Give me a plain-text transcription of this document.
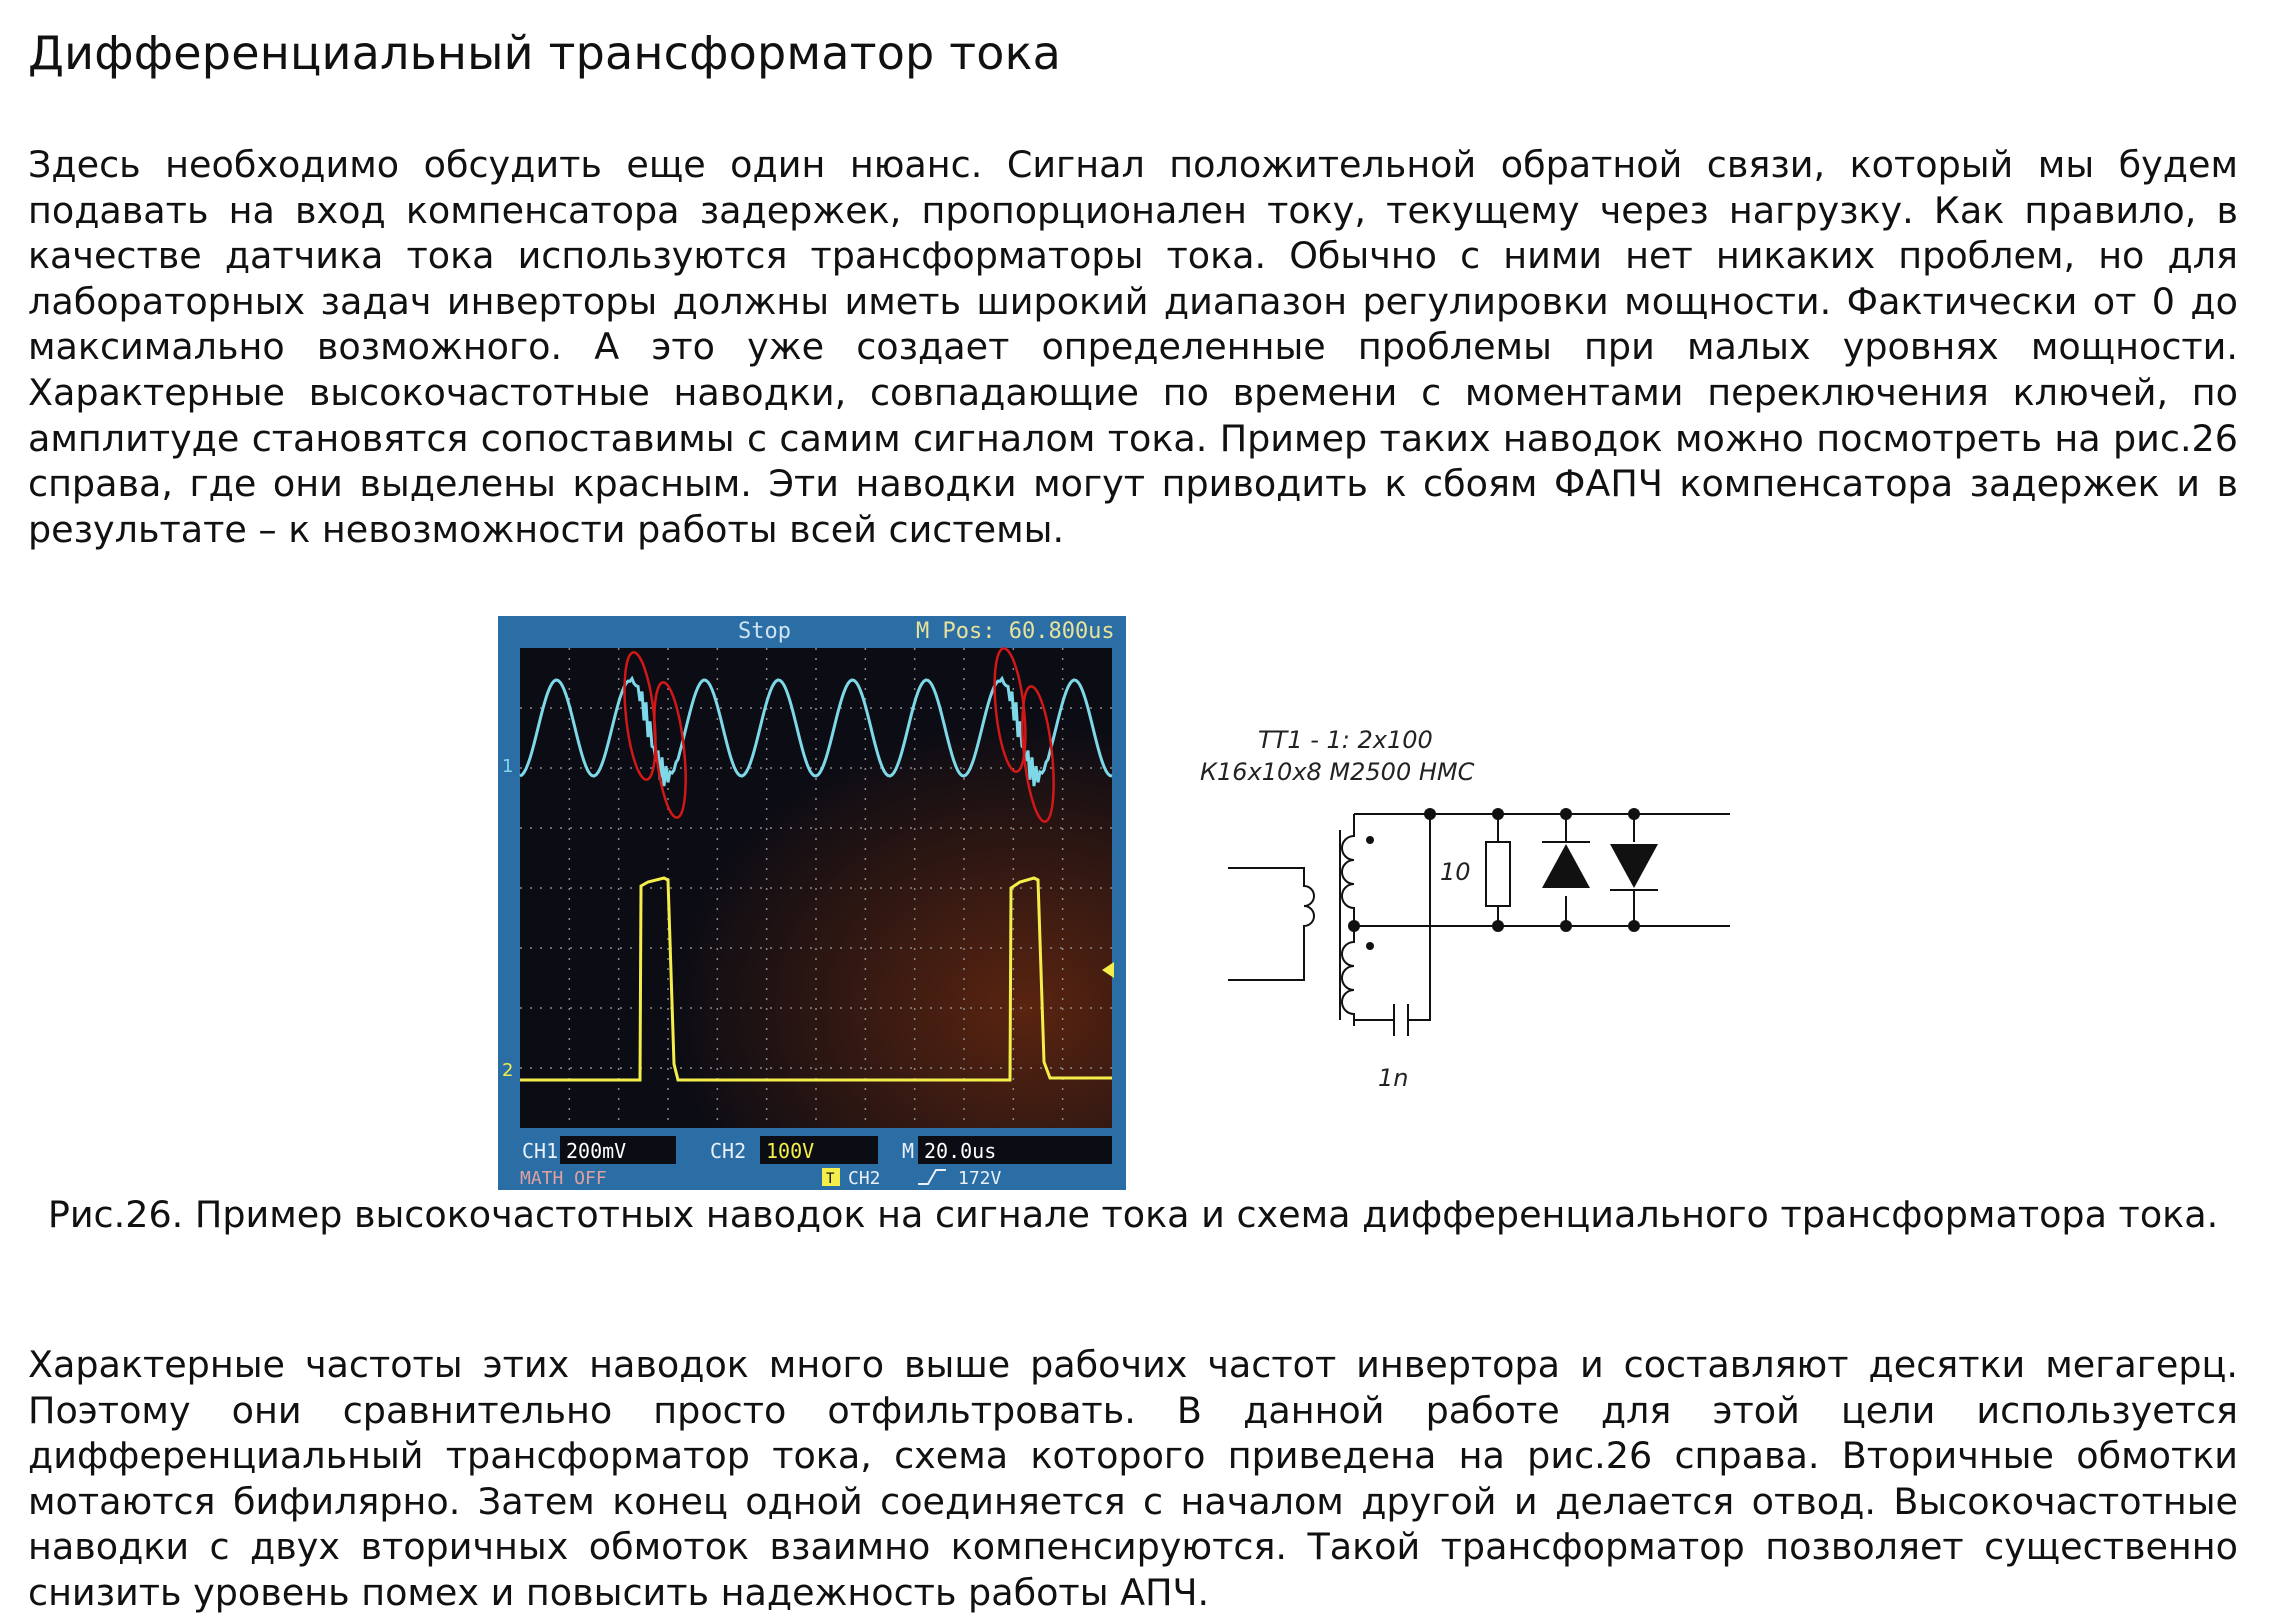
Дифференциальный трансформатор тока

Здесь необходимо обсудить еще один нюанс. Сигнал положительной обратной связи, который мы будем подавать на вход компенсатора задержек, пропорционален току, текущему через нагрузку. Как правило, в качестве датчика тока используются трансформаторы тока. Обычно с ними нет никаких проблем, но для лабораторных задач инверторы должны иметь широкий диапазон регулировки мощности. Фактически от 0 до максимально возможного. А это уже создает определенные проблемы при малых уровнях мощности. Характерные высокочастотные наводки, совпадающие по времени с моментами переключения ключей, по амплитуде становятся сопоставимы с самим сигналом тока. Пример таких наводок можно посмотреть на рис.26 справа, где они выделены красным. Эти наводки могут приводить к сбоям ФАПЧ компенсатора задержек и в результате – к невозможности работы всей системы.

Stop	M Pos: 60.800us
1
2
CH1 200mV	CH2 100V	M 20.0us
MATH OFF	T CH2	172V
TT1 - 1: 2x100
К16х10х8 М2500 НМС
10
1n

Рис.26. Пример высокочастотных наводок на сигнале тока и схема дифференциального трансформатора тока.

Характерные частоты этих наводок много выше рабочих частот инвертора и составляют десятки мегагерц. Поэтому они сравнительно просто отфильтровать. В данной работе для этой цели используется дифференциальный трансформатор тока, схема которого приведена на рис.26 справа. Вторичные обмотки мотаются бифилярно. Затем конец одной соединяется с началом другой и делается отвод. Высокочастотные наводки с двух вторичных обмоток взаимно компенсируются. Такой трансформатор позволяет существенно снизить уровень помех и повысить надежность работы АПЧ.
